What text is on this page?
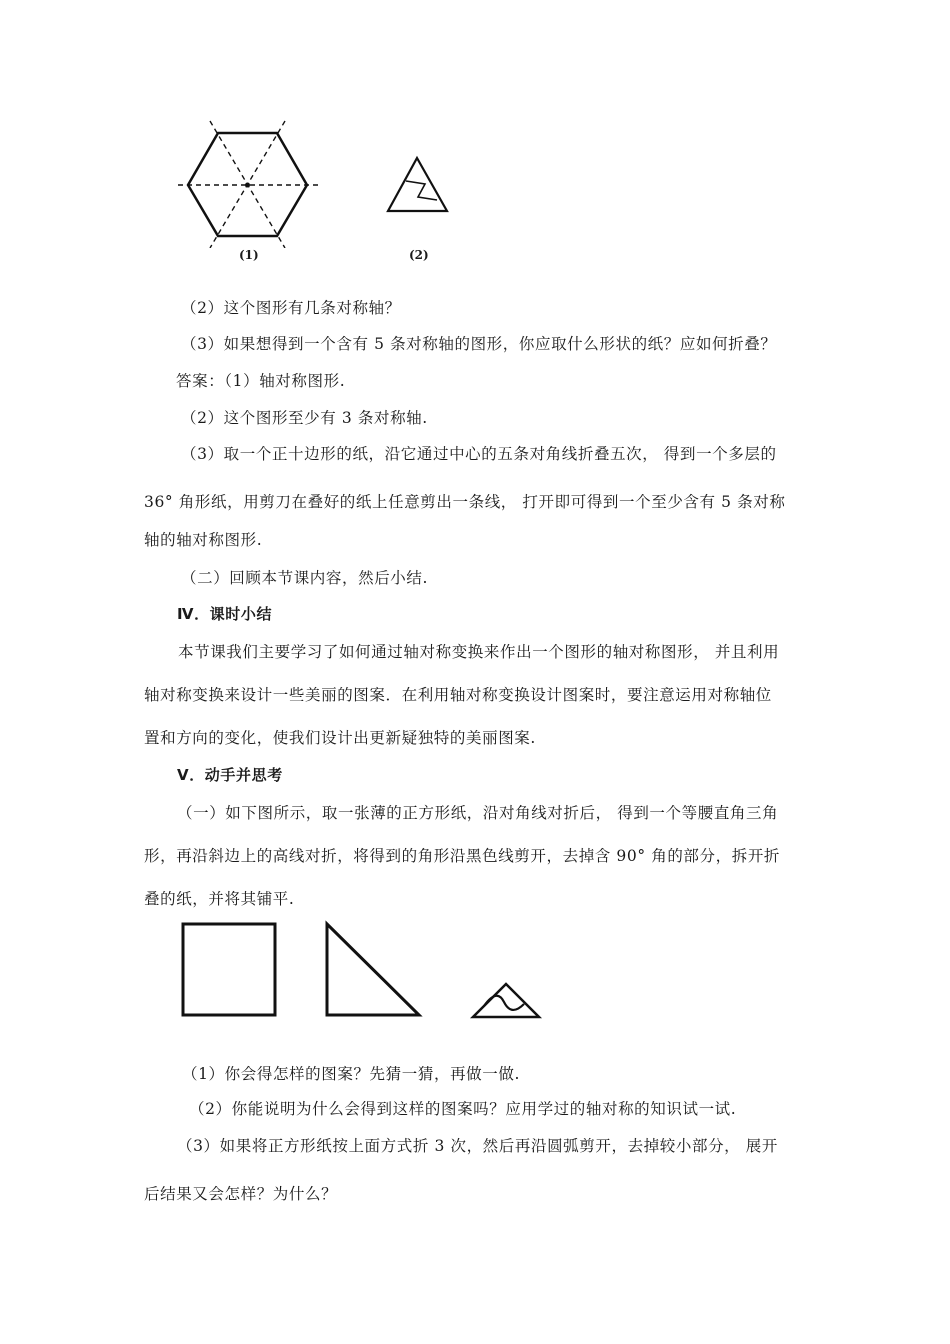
(1)	(2)
（2）这个图形有几条对称轴？
（3）如果想得到一个含有 5 条对称轴的图形，你应取什么形状的纸？应如何折叠？
答案：（1）轴对称图形.
（2）这个图形至少有 3 条对称轴.
（3）取一个正十边形的纸，沿它通过中心的五条对角线折叠五次， 得到一个多层的
36° 角形纸，用剪刀在叠好的纸上任意剪出一条线， 打开即可得到一个至少含有 5 条对称
轴的轴对称图形.
（二）回顾本节课内容，然后小结.
Ⅳ．课时小结
本节课我们主要学习了如何通过轴对称变换来作出一个图形的轴对称图形， 并且利用
轴对称变换来设计一些美丽的图案．在利用轴对称变换设计图案时，要注意运用对称轴位
置和方向的变化，使我们设计出更新疑独特的美丽图案.
Ⅴ．动手并思考
（一）如下图所示，取一张薄的正方形纸，沿对角线对折后， 得到一个等腰直角三角
形，再沿斜边上的高线对折，将得到的角形沿黑色线剪开，去掉含 90° 角的部分，拆开折
叠的纸，并将其铺平.
（1）你会得怎样的图案？先猜一猜，再做一做.
（2）你能说明为什么会得到这样的图案吗？应用学过的轴对称的知识试一试.
（3）如果将正方形纸按上面方式折 3 次，然后再沿圆弧剪开，去掉较小部分， 展开
后结果又会怎样？为什么？
